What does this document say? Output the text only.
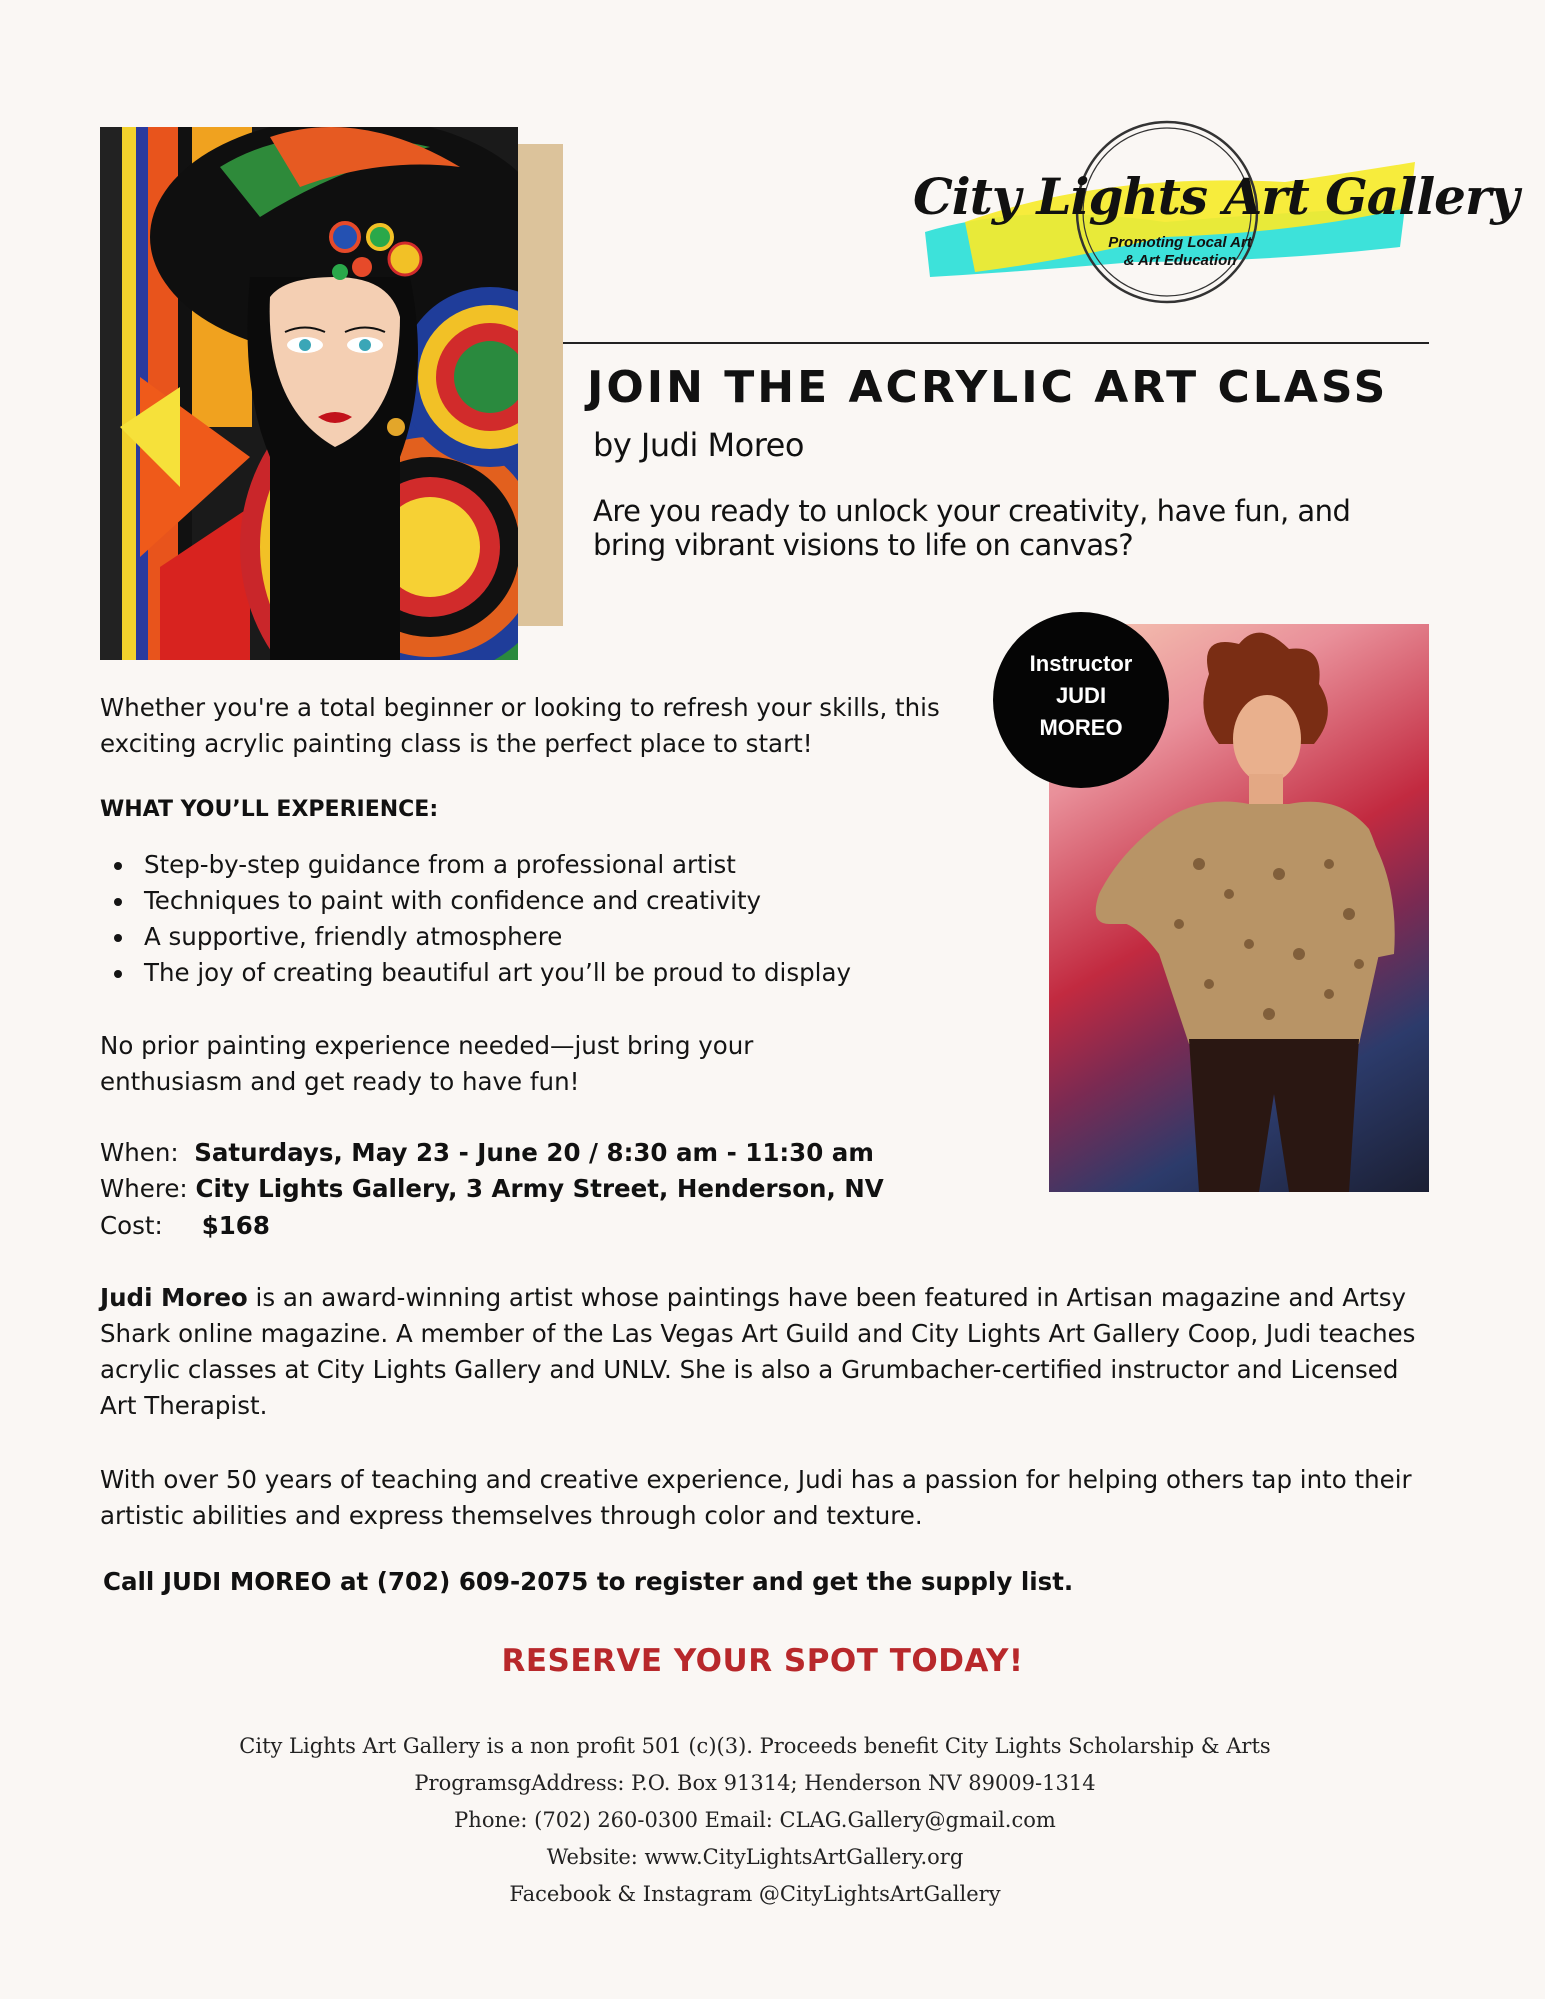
City Lights Art Gallery
Promoting Local Art
& Art Education
JOIN THE ACRYLIC ART CLASS
by Judi Moreo
Are you ready to unlock your creativity, have fun, and bring vibrant visions to life on canvas?
Instructor
JUDI
MOREO
Whether you're a total beginner or looking to refresh your skills, this exciting acrylic painting class is the perfect place to start!
WHAT YOU’LL EXPERIENCE:
Step-by-step guidance from a professional artist
Techniques to paint with confidence and creativity
A supportive, friendly atmosphere
The joy of creating beautiful art you’ll be proud to display
No prior painting experience needed—just bring your enthusiasm and get ready to have fun!
When: Saturdays, May 23 - June 20 / 8:30 am - 11:30 am
Where: City Lights Gallery, 3 Army Street, Henderson, NV
Cost: $168
Judi Moreo is an award-winning artist whose paintings have been featured in Artisan magazine and Artsy Shark online magazine. A member of the Las Vegas Art Guild and City Lights Art Gallery Coop, Judi teaches acrylic classes at City Lights Gallery and UNLV. She is also a Grumbacher-certified instructor and Licensed Art Therapist.
With over 50 years of teaching and creative experience, Judi has a passion for helping others tap into their artistic abilities and express themselves through color and texture.
Call JUDI MOREO at (702) 609-2075 to register and get the supply list.
RESERVE YOUR SPOT TODAY!
City Lights Art Gallery is a non profit 501 (c)(3). Proceeds benefit City Lights Scholarship & Arts
ProgramsgAddress: P.O. Box 91314; Henderson NV 89009-1314
Phone: (702) 260-0300 Email: CLAG.Gallery@gmail.com
Website: www.CityLightsArtGallery.org
Facebook & Instagram @CityLightsArtGallery
